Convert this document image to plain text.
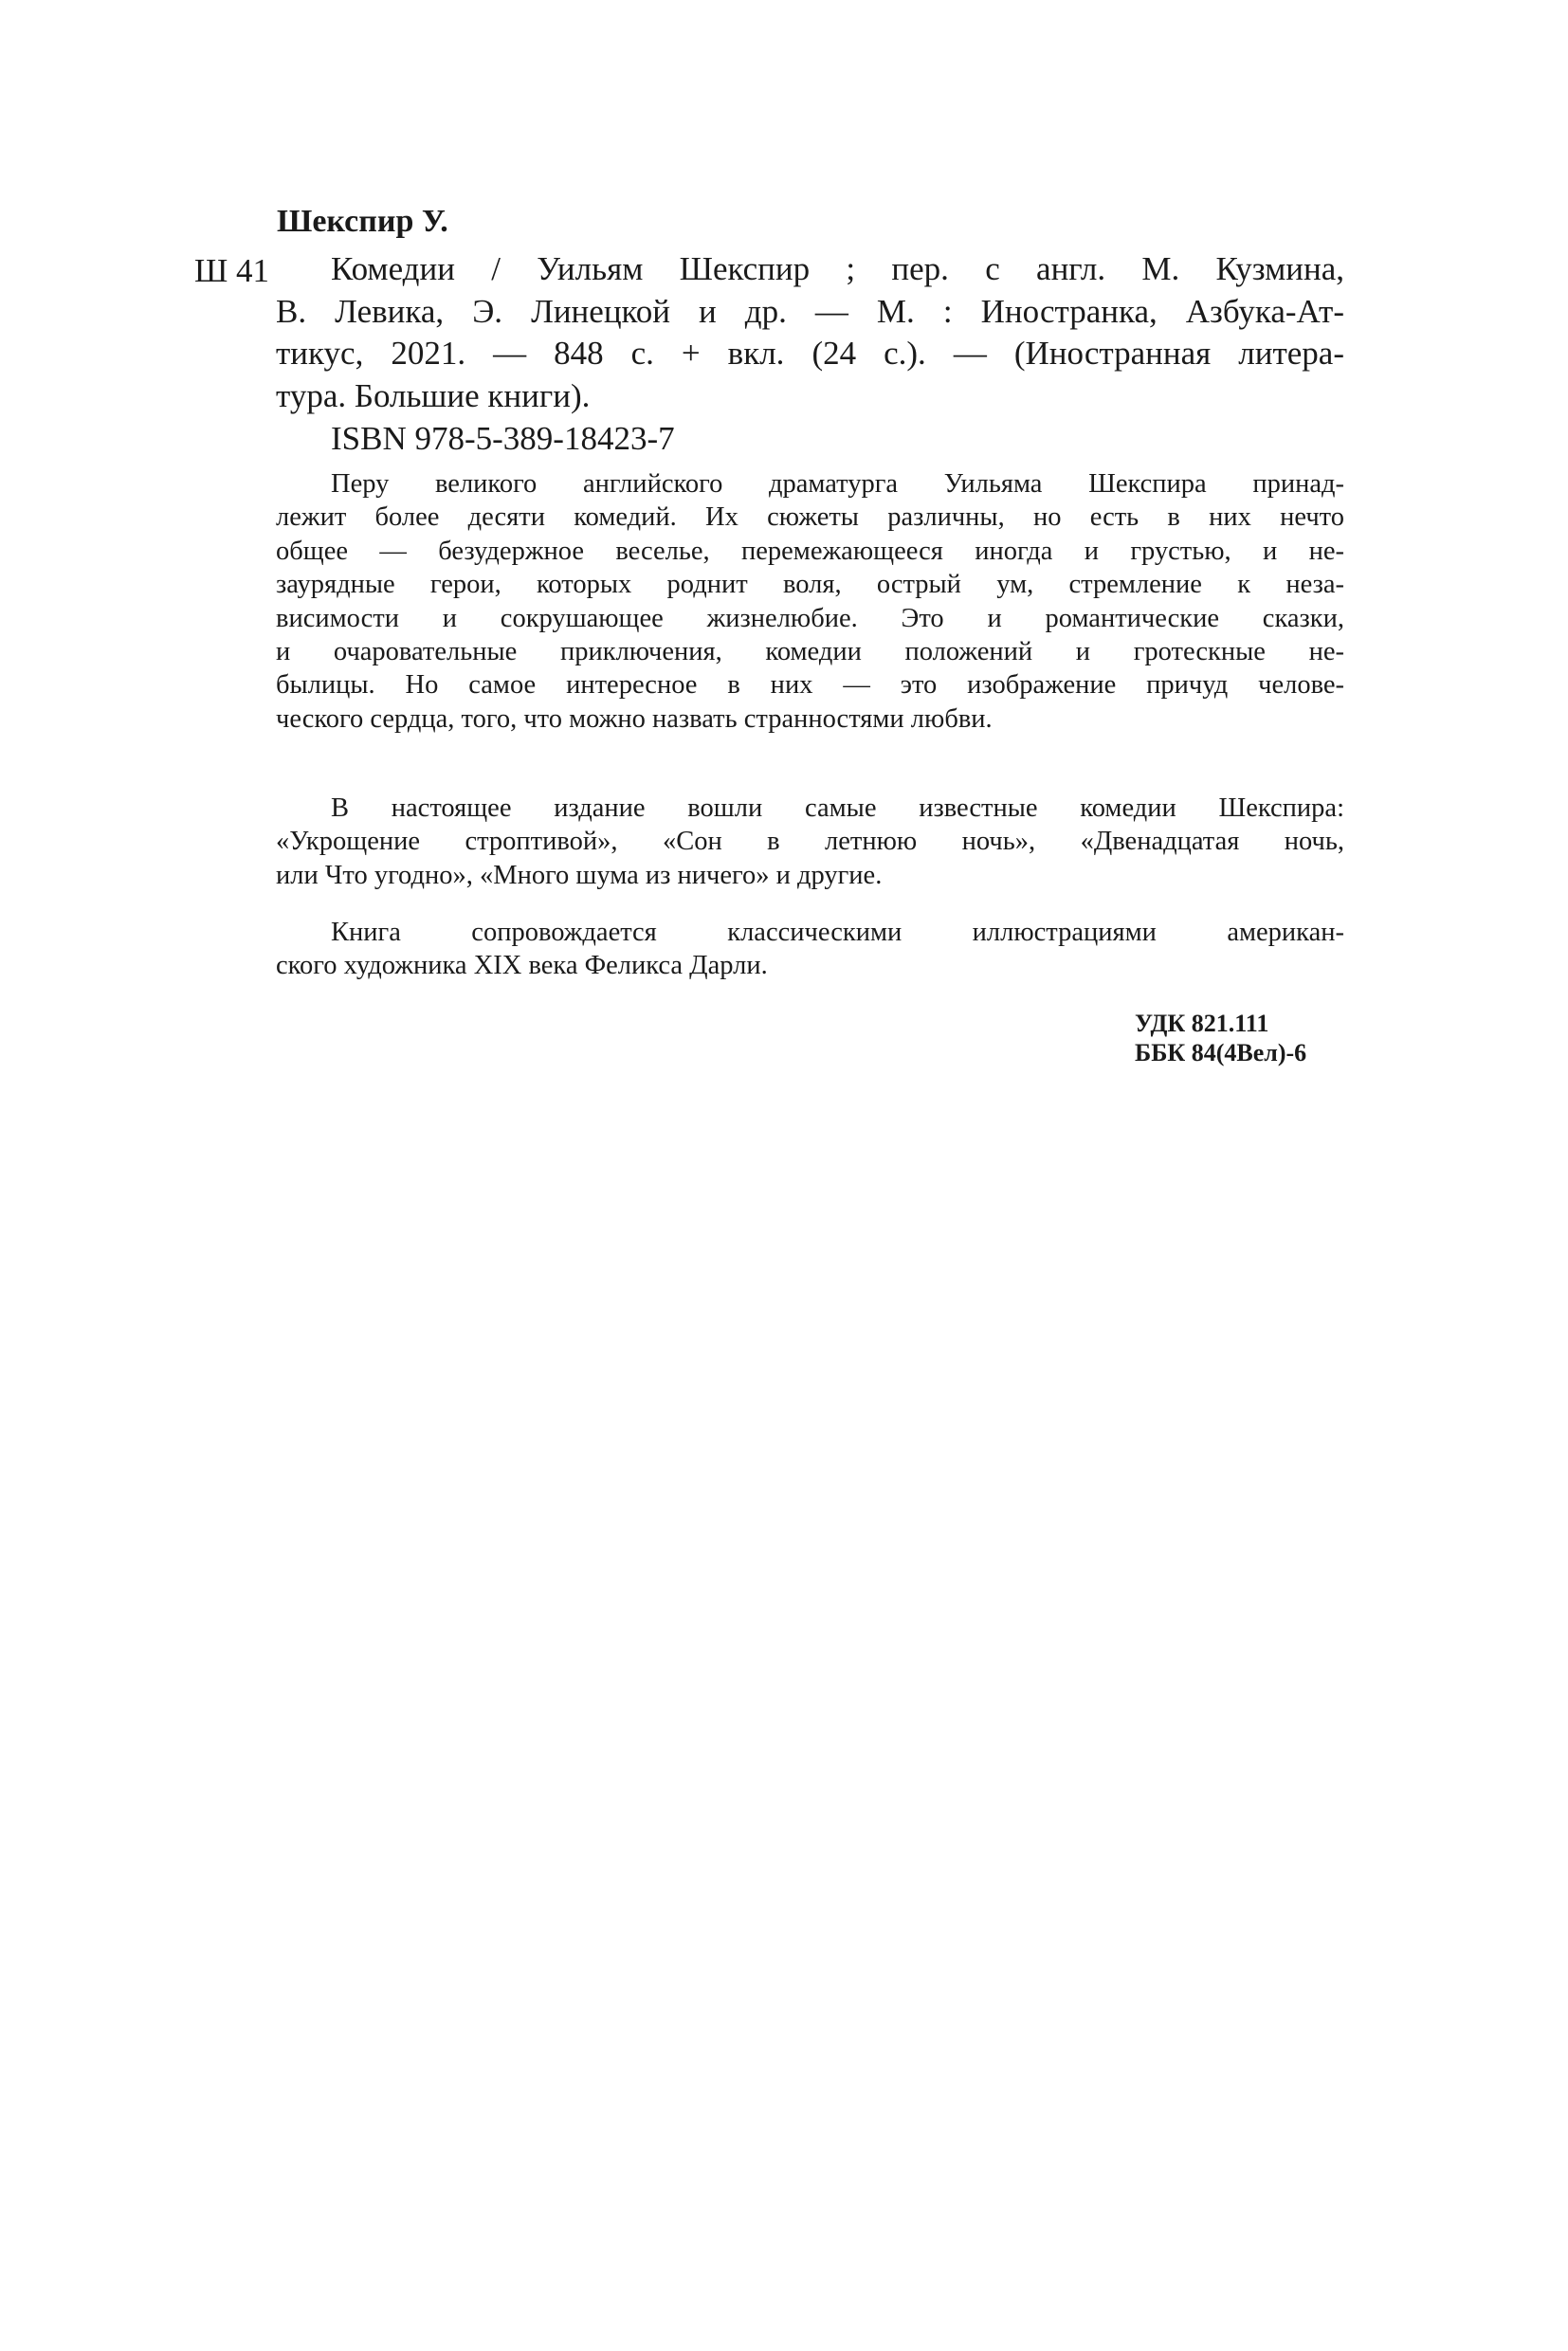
Шекспир У.
Ш 41 Комедии / Уильям Шекспир ; пер. с англ. М. Кузмина,
В. Левика, Э. Линецкой и др. — М. : Иностранка, Азбука-Ат-
тикус, 2021. — 848 с. + вкл. (24 с.). — (Иностранная литера-
тура. Большие книги).
ISBN 978-5-389-18423-7
Перу великого английского драматурга Уильяма Шекспира принад-
лежит более десяти комедий. Их сюжеты различны, но есть в них нечто
общее — безудержное веселье, перемежающееся иногда и грустью, и не-
заурядные герои, которых роднит воля, острый ум, стремление к неза-
висимости и сокрушающее жизнелюбие. Это и романтические сказки,
и очаровательные приключения, комедии положений и гротескные не-
былицы. Но самое интересное в них — это изображение причуд челове-
ческого сердца, того, что можно назвать странностями любви.
В настоящее издание вошли самые известные комедии Шекспира:
«Укрощение строптивой», «Сон в летнюю ночь», «Двенадцатая ночь,
или Что угодно», «Много шума из ничего» и другие.
Книга сопровождается классическими иллюстрациями американ-
ского художника XIX века Феликса Дарли.
УДК 821.111
ББК 84(4Вел)-6
